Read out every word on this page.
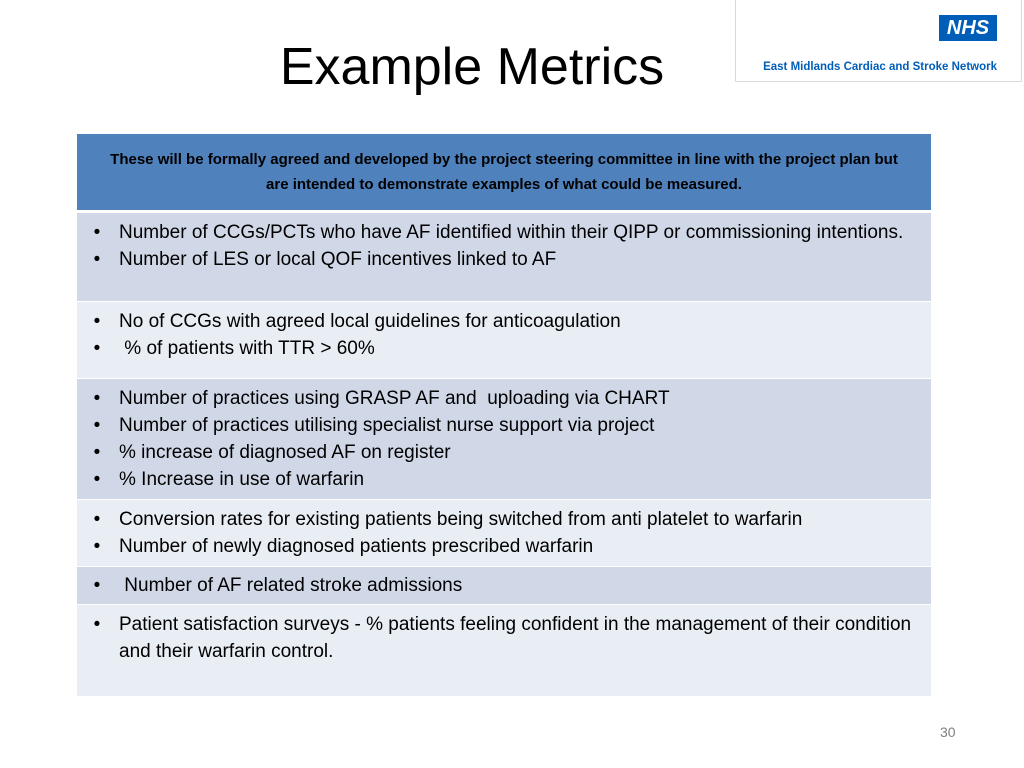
Example Metrics
NHS
East Midlands Cardiac and Stroke Network
These will be formally agreed and developed by the project steering committee in line with the project plan but are intended to demonstrate examples of what could be measured.

• Number of CCGs/PCTs who have AF identified within their QIPP or commissioning intentions.
• Number of LES or local QOF incentives linked to AF

• No of CCGs with agreed local guidelines for anticoagulation
• % of patients with TTR > 60%

• Number of practices using GRASP AF and  uploading via CHART
• Number of practices utilising specialist nurse support via project
• % increase of diagnosed AF on register
• % Increase in use of warfarin

• Conversion rates for existing patients being switched from anti platelet to warfarin
• Number of newly diagnosed patients prescribed warfarin

• Number of AF related stroke admissions

• Patient satisfaction surveys - % patients feeling confident in the management of their condition and their warfarin control.
30
